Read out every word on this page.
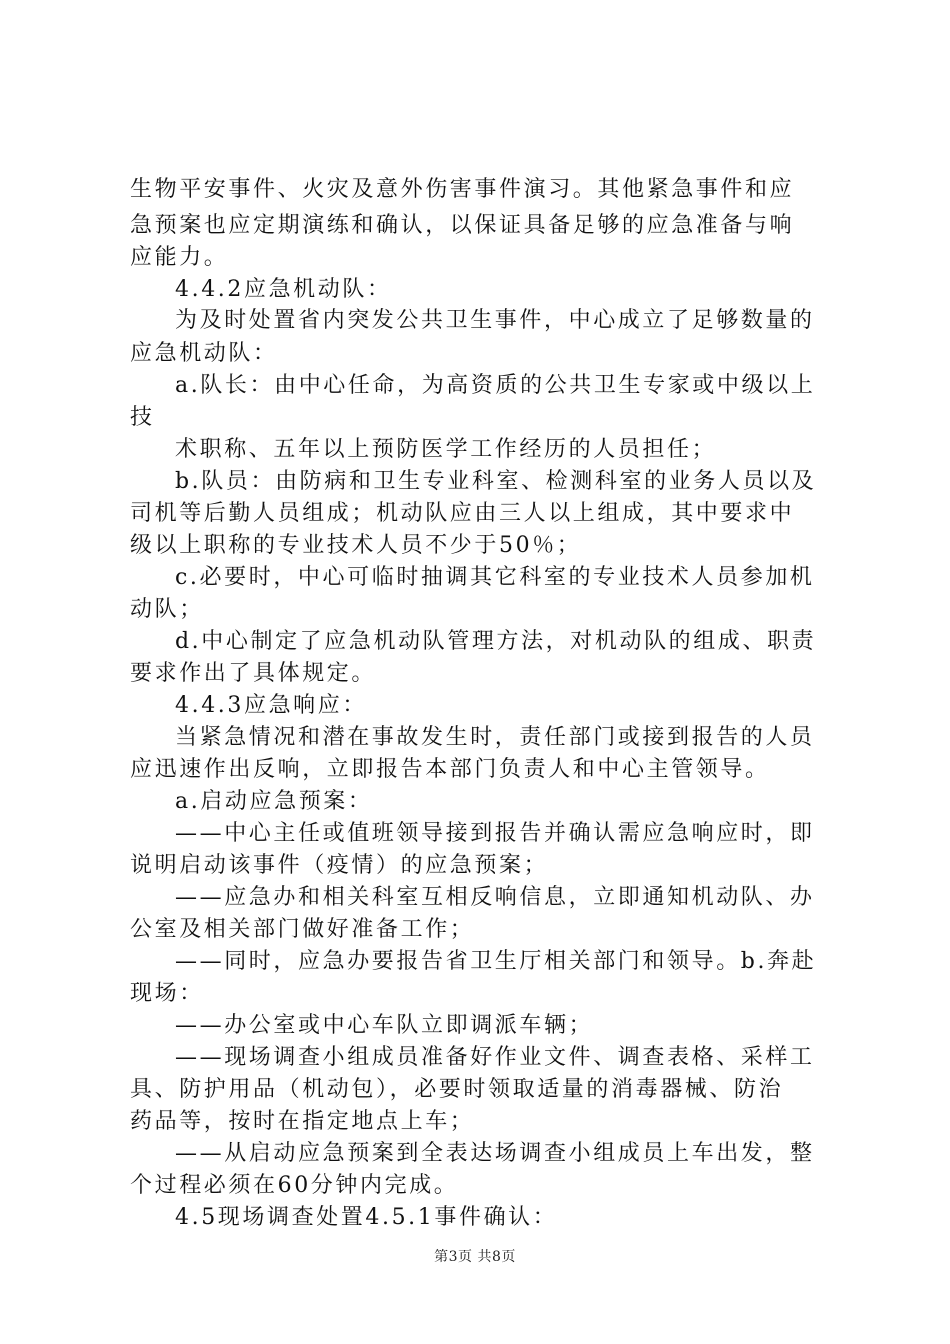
生物平安事件、火灾及意外伤害事件演习。其他紧急事件和应
急预案也应定期演练和确认，以保证具备足够的应急准备与响
应能力。
4.4.2应急机动队：
为及时处置省内突发公共卫生事件，中心成立了足够数量的
应急机动队：
a.队长：由中心任命，为高资质的公共卫生专家或中级以上
技
术职称、五年以上预防医学工作经历的人员担任；
b.队员：由防病和卫生专业科室、检测科室的业务人员以及
司机等后勤人员组成；机动队应由三人以上组成，其中要求中
级以上职称的专业技术人员不少于50％；
c.必要时，中心可临时抽调其它科室的专业技术人员参加机
动队；
d.中心制定了应急机动队管理方法，对机动队的组成、职责
要求作出了具体规定。
4.4.3应急响应：
当紧急情况和潜在事故发生时，责任部门或接到报告的人员
应迅速作出反响，立即报告本部门负责人和中心主管领导。
a.启动应急预案：
——中心主任或值班领导接到报告并确认需应急响应时，即
说明启动该事件（疫情）的应急预案；
——应急办和相关科室互相反响信息，立即通知机动队、办
公室及相关部门做好准备工作；
——同时，应急办要报告省卫生厅相关部门和领导。b.奔赴
现场：
——办公室或中心车队立即调派车辆；
——现场调查小组成员准备好作业文件、调查表格、采样工
具、防护用品（机动包），必要时领取适量的消毒器械、防治
药品等，按时在指定地点上车；
——从启动应急预案到全表达场调查小组成员上车出发，整
个过程必须在60分钟内完成。
4.5现场调查处置4.5.1事件确认：
第3页 共8页
